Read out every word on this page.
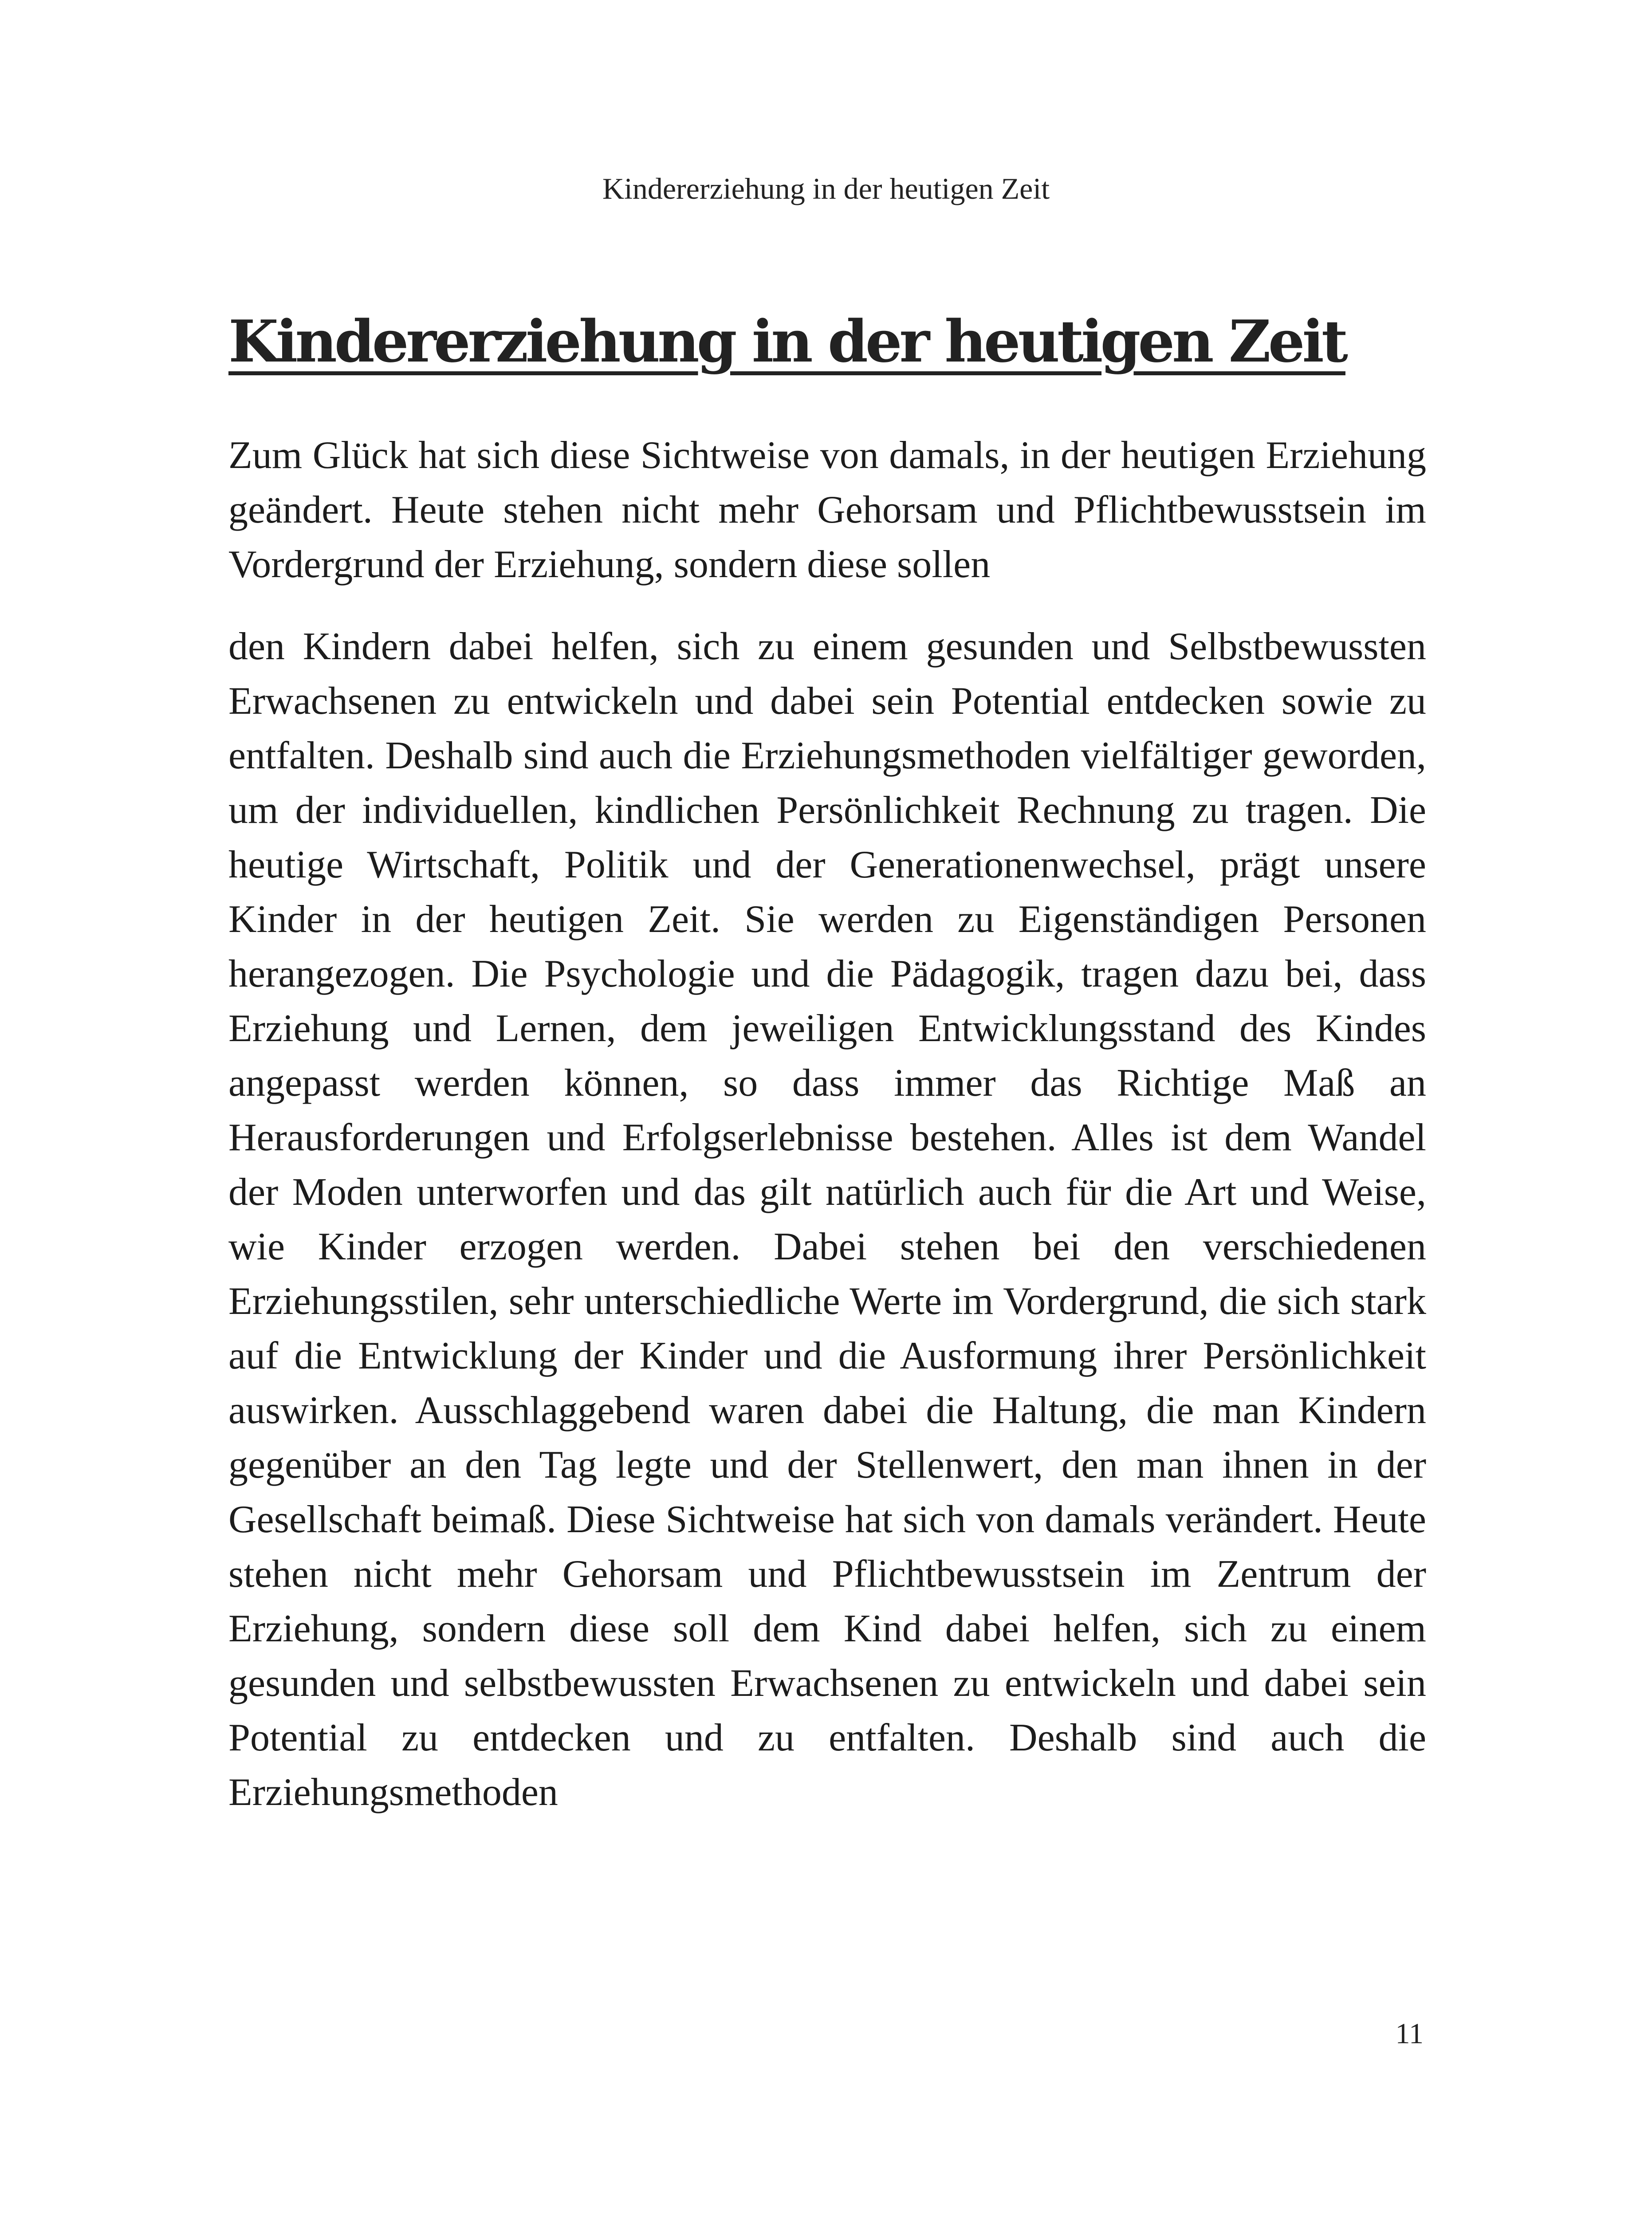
Kindererziehung in der heutigen Zeit
Kindererziehung in der heutigen Zeit

Zum Glück hat sich diese Sichtweise von damals, in der heutigen Erziehung geändert. Heute stehen nicht mehr Gehorsam und Pflichtbewusstsein im Vordergrund der Erziehung, sondern diese sollen

den Kindern dabei helfen, sich zu einem gesunden und Selbstbewussten Erwachsenen zu entwickeln und dabei sein Potential entdecken sowie zu entfalten. Deshalb sind auch die Erziehungsmethoden vielfältiger geworden, um der individuellen, kindlichen Persönlichkeit Rechnung zu tragen. Die heutige Wirtschaft, Politik und der Generationenwechsel, prägt unsere Kinder in der heutigen Zeit. Sie werden zu Eigenständigen Personen herangezogen. Die Psychologie und die Pädagogik, tragen dazu bei, dass Erziehung und Lernen, dem jeweiligen Entwicklungsstand des Kindes angepasst werden können, so dass immer das Richtige Maß an Herausforderungen und Erfolgserlebnisse bestehen. Alles ist dem Wandel der Moden unterworfen und das gilt natürlich auch für die Art und Weise, wie Kinder erzogen werden. Dabei stehen bei den verschiedenen Erziehungsstilen, sehr unterschiedliche Werte im Vordergrund, die sich stark auf die Entwicklung der Kinder und die Ausformung ihrer Persönlichkeit auswirken. Ausschlaggebend waren dabei die Haltung, die man Kindern gegenüber an den Tag legte und der Stellenwert, den man ihnen in der Gesellschaft beimaß. Diese Sichtweise hat sich von damals verändert. Heute stehen nicht mehr Gehorsam und Pflichtbewusstsein im Zentrum der Erziehung, sondern diese soll dem Kind dabei helfen, sich zu einem gesunden und selbstbewussten Erwachsenen zu entwickeln und dabei sein Potential zu entdecken und zu entfalten. Deshalb sind auch die Erziehungsmethoden

11
